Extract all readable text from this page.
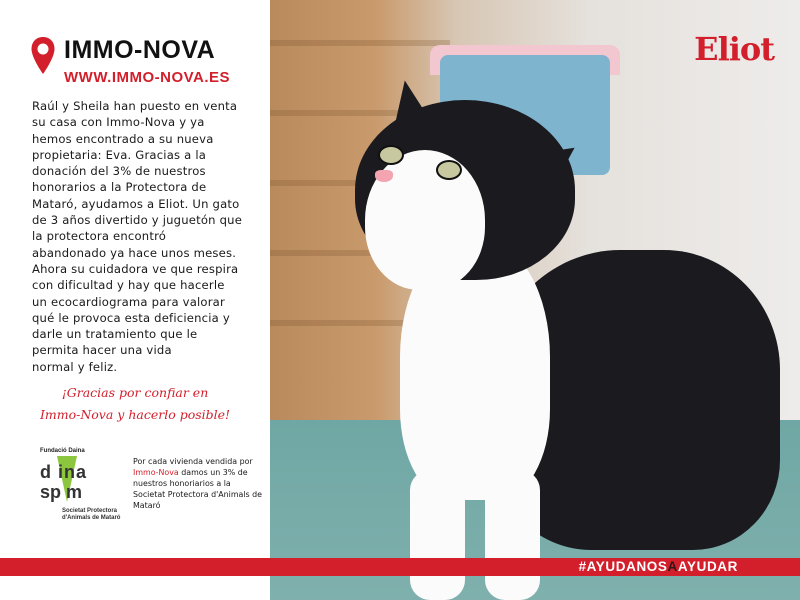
Eliot
IMMO-NOVA
WWW.IMMO-NOVA.ES
Raúl y Sheila han puesto en venta
su casa con Immo-Nova y ya
hemos encontrado a su nueva
propietaria: Eva. Gracias a la
donación del 3% de nuestros
honorarios a la Protectora de
Mataró, ayudamos a Eliot. Un gato
de 3 años divertido y juguetón que
la protectora encontró
abandonado ya hace unos meses.
Ahora su cuidadora ve que respira
con dificultad y hay que hacerle
un ecocardiograma para valorar
qué le provoca esta deficiencia y
darle un tratamiento que le
permita hacer una vida
normal y feliz.
¡Gracias por confiar en
Immo-Nova y hacerlo posible!
Fundació Daina
d ina
sp m
Societat Protectora
d'Animals de Mataró
Por cada vivienda vendida por Immo-Nova damos un 3% de nuestros honoriarios a la Societat Protectora d'Animals de Mataró
#AYUDANOSAAYUDAR
